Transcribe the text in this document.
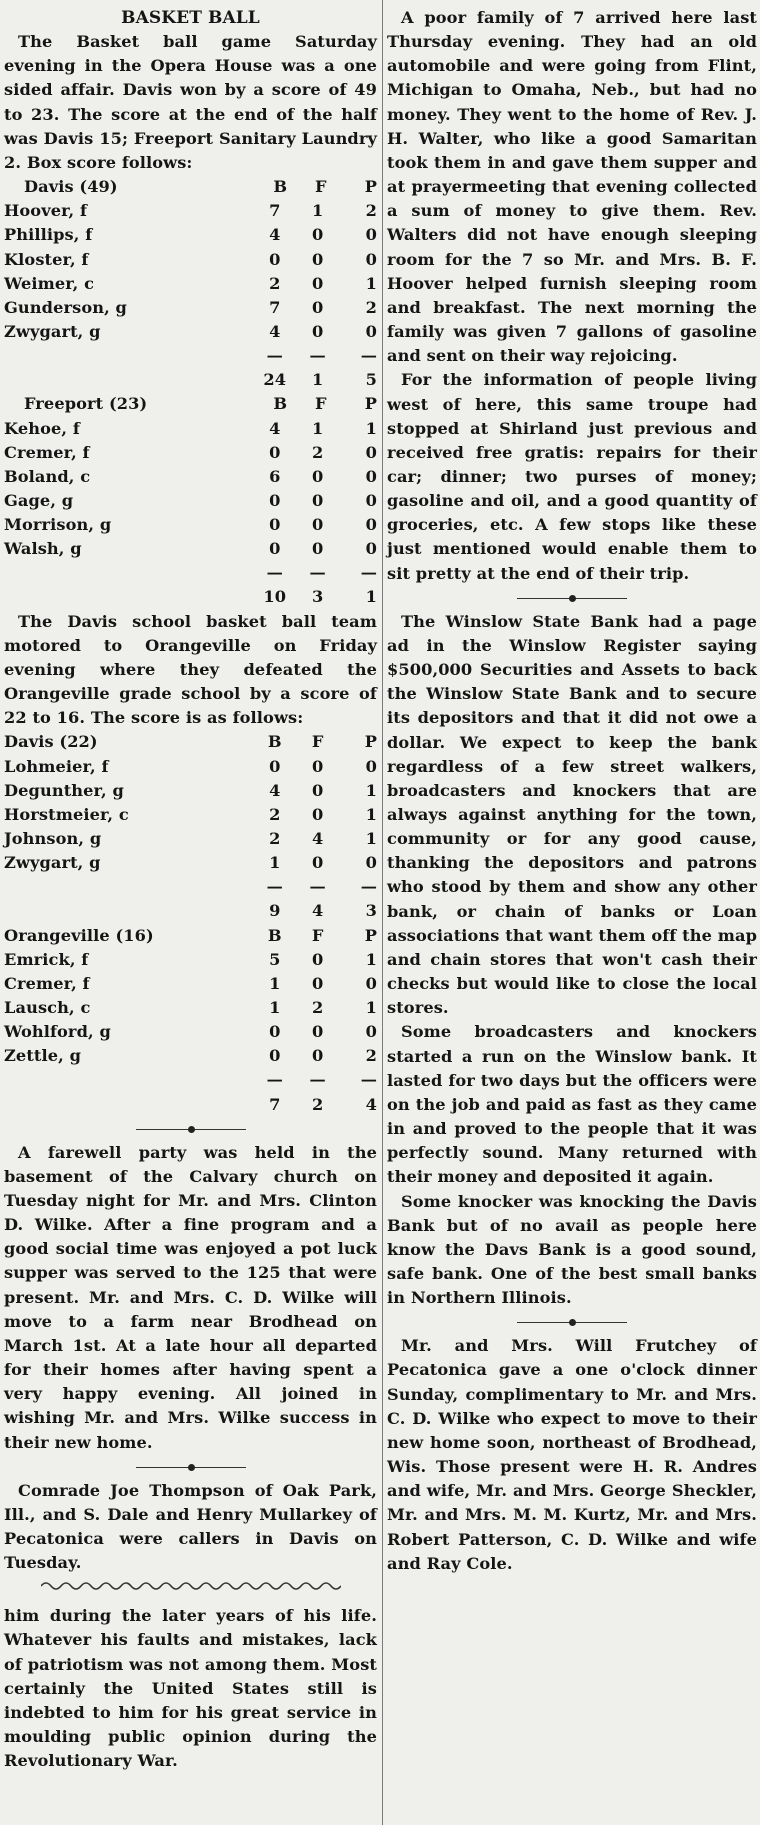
BASKET BALL

The Basket ball game Saturday evening in the Opera House was a one sided affair. Davis won by a score of 49 to 23. The score at the end of the half was Davis 15; Freeport Sanitary Laundry 2. Box score follows:

Davis (49)	B	F	P
Hoover, f	7	1	2
Phillips, f	4	0	0
Kloster, f	0	0	0
Weimer, c	2	0	1
Gunderson, g	7	0	2
Zwygart, g	4	0	0
—	—	—
24	1	5
Freeport (23)	B	F	P
Kehoe, f	4	1	1
Cremer, f	0	2	0
Boland, c	6	0	0
Gage, g	0	0	0
Morrison, g	0	0	0
Walsh, g	0	0	0
—	—	—
10	3	1

The Davis school basket ball team motored to Orangeville on Friday evening where they defeated the Orangeville grade school by a score of 22 to 16. The score is as follows:

Davis (22)	B	F	P
Lohmeier, f	0	0	0
Degunther, g	4	0	1
Horstmeier, c	2	0	1
Johnson, g	2	4	1
Zwygart, g	1	0	0
—	—	—
9	4	3
Orangeville (16)	B	F	P
Emrick, f	5	0	1
Cremer, f	1	0	0
Lausch, c	1	2	1
Wohlford, g	0	0	0
Zettle, g	0	0	2
—	—	—
7	2	4

A farewell party was held in the basement of the Calvary church on Tuesday night for Mr. and Mrs. Clinton D. Wilke. After a fine program and a good social time was enjoyed a pot luck supper was served to the 125 that were present. Mr. and Mrs. C. D. Wilke will move to a farm near Brodhead on March 1st. At a late hour all departed for their homes after having spent a very happy evening. All joined in wishing Mr. and Mrs. Wilke success in their new home.

Comrade Joe Thompson of Oak Park, Ill., and S. Dale and Henry Mullarkey of Pecatonica were callers in Davis on Tuesday.

him during the later years of his life. Whatever his faults and mistakes, lack of patriotism was not among them. Most certainly the United States still is indebted to him for his great service in moulding public opinion during the Revolutionary War.

A poor family of 7 arrived here last Thursday evening. They had an old automobile and were going from Flint, Michigan to Omaha, Neb., but had no money. They went to the home of Rev. J. H. Walter, who like a good Samaritan took them in and gave them supper and at prayermeeting that evening collected a sum of money to give them. Rev. Walters did not have enough sleeping room for the 7 so Mr. and Mrs. B. F. Hoover helped furnish sleeping room and breakfast. The next morning the family was given 7 gallons of gasoline and sent on their way rejoicing.

For the information of people living west of here, this same troupe had stopped at Shirland just previous and received free gratis: repairs for their car; dinner; two purses of money; gasoline and oil, and a good quantity of groceries, etc. A few stops like these just mentioned would enable them to sit pretty at the end of their trip.

The Winslow State Bank had a page ad in the Winslow Register saying $500,000 Securities and Assets to back the Winslow State Bank and to secure its depositors and that it did not owe a dollar. We expect to keep the bank regardless of a few street walkers, broadcasters and knockers that are always against anything for the town, community or for any good cause, thanking the depositors and patrons who stood by them and show any other bank, or chain of banks or Loan associations that want them off the map and chain stores that won't cash their checks but would like to close the local stores.

Some broadcasters and knockers started a run on the Winslow bank. It lasted for two days but the officers were on the job and paid as fast as they came in and proved to the people that it was perfectly sound. Many returned with their money and deposited it again.

Some knocker was knocking the Davis Bank but of no avail as people here know the Davs Bank is a good sound, safe bank. One of the best small banks in Northern Illinois.

Mr. and Mrs. Will Frutchey of Pecatonica gave a one o'clock dinner Sunday, complimentary to Mr. and Mrs. C. D. Wilke who expect to move to their new home soon, northeast of Brodhead, Wis. Those present were H. R. Andres and wife, Mr. and Mrs. George Sheckler, Mr. and Mrs. M. M. Kurtz, Mr. and Mrs. Robert Patterson, C. D. Wilke and wife and Ray Cole.
